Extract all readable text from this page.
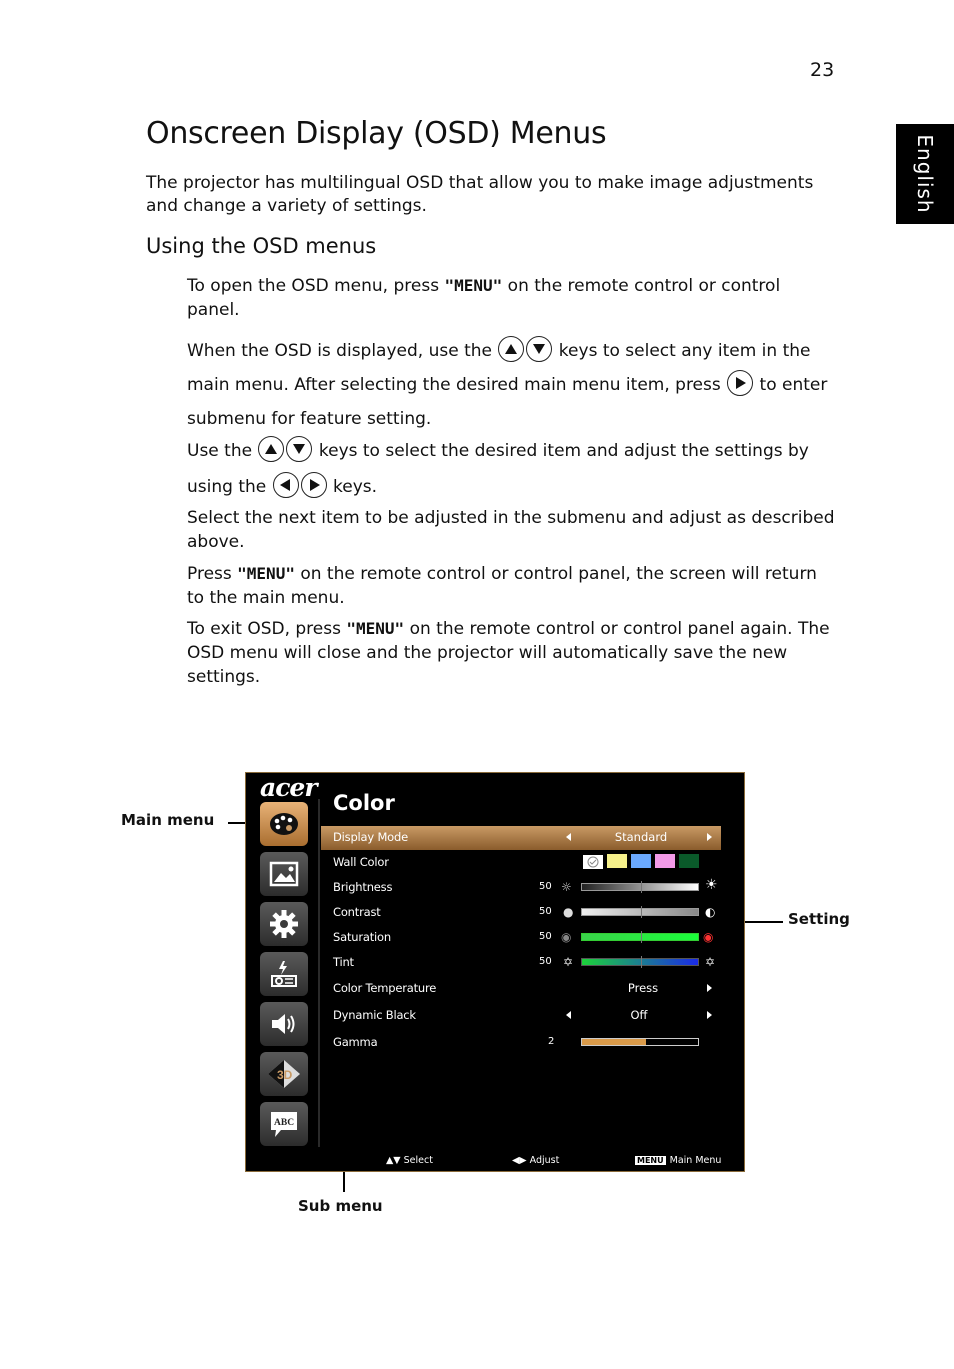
23
English
Onscreen Display (OSD) Menus

The projector has multilingual OSD that allow you to make image adjustments and change a variety of settings.

Using the OSD menus

To open the OSD menu, press "MENU" on the remote control or control panel.

When the OSD is displayed, use the	keys to select any item in the main menu. After selecting the desired main menu item, press  to enter submenu for feature setting.

Use the	keys to select the desired item and adjust the settings by using the	keys.

Select the next item to be adjusted in the submenu and adjust as described above.

Press "MENU" on the remote control or control panel, the screen will return to the main menu.

To exit OSD, press "MENU" on the remote control or control panel again. The OSD menu will close and the projector will automatically save the new settings.

Main menu
Setting
Sub menu
acer
3D
ABC
Color
Display Mode	Standard
Wall Color
Brightness	50 ☼	☀
Contrast	50 ●	◐
Saturation	50 ◉	◉
Tint	50 ✡	✡
Color Temperature	Press
Dynamic Black	Off
Gamma	2
▲▼ Select	◀▶ Adjust	MENU Main Menu
